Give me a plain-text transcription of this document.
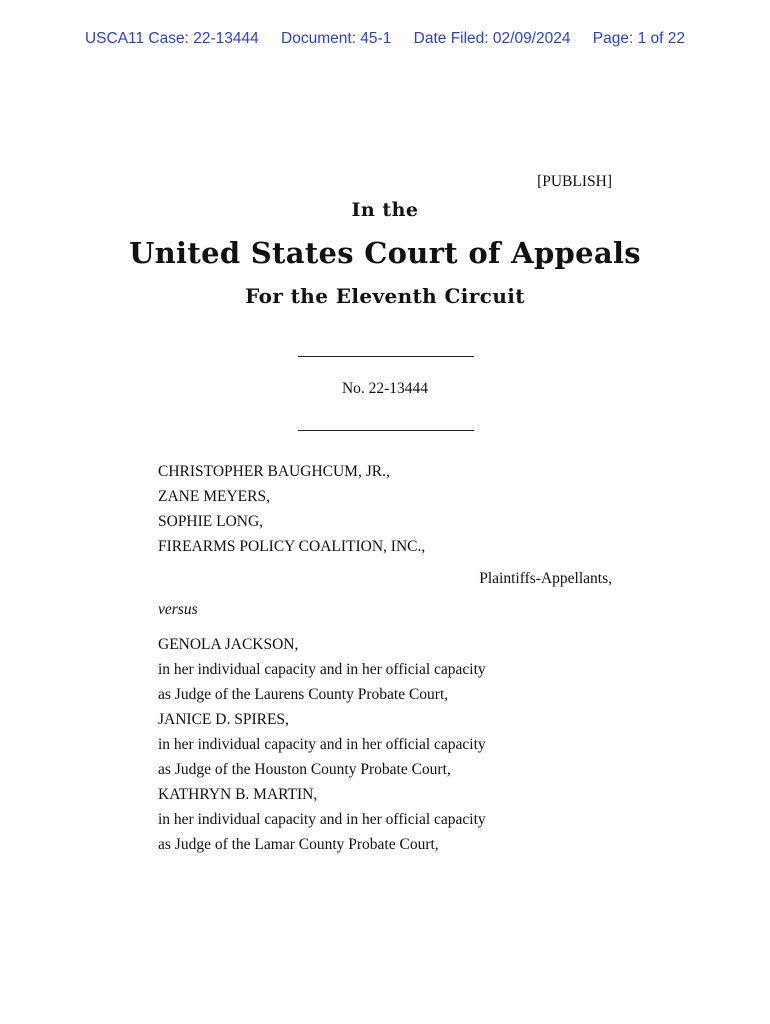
USCA11 Case: 22-13444 Document: 45-1 Date Filed: 02/09/2024 Page: 1 of 22
[PUBLISH]
In the
United States Court of Appeals
For the Eleventh Circuit
No. 22-13444
CHRISTOPHER BAUGHCUM, JR.,
ZANE MEYERS,
SOPHIE LONG,
FIREARMS POLICY COALITION, INC.,
Plaintiffs-Appellants,
versus
GENOLA JACKSON,
in her individual capacity and in her official capacity
as Judge of the Laurens County Probate Court,
JANICE D. SPIRES,
in her individual capacity and in her official capacity
as Judge of the Houston County Probate Court,
KATHRYN B. MARTIN,
in her individual capacity and in her official capacity
as Judge of the Lamar County Probate Court,
